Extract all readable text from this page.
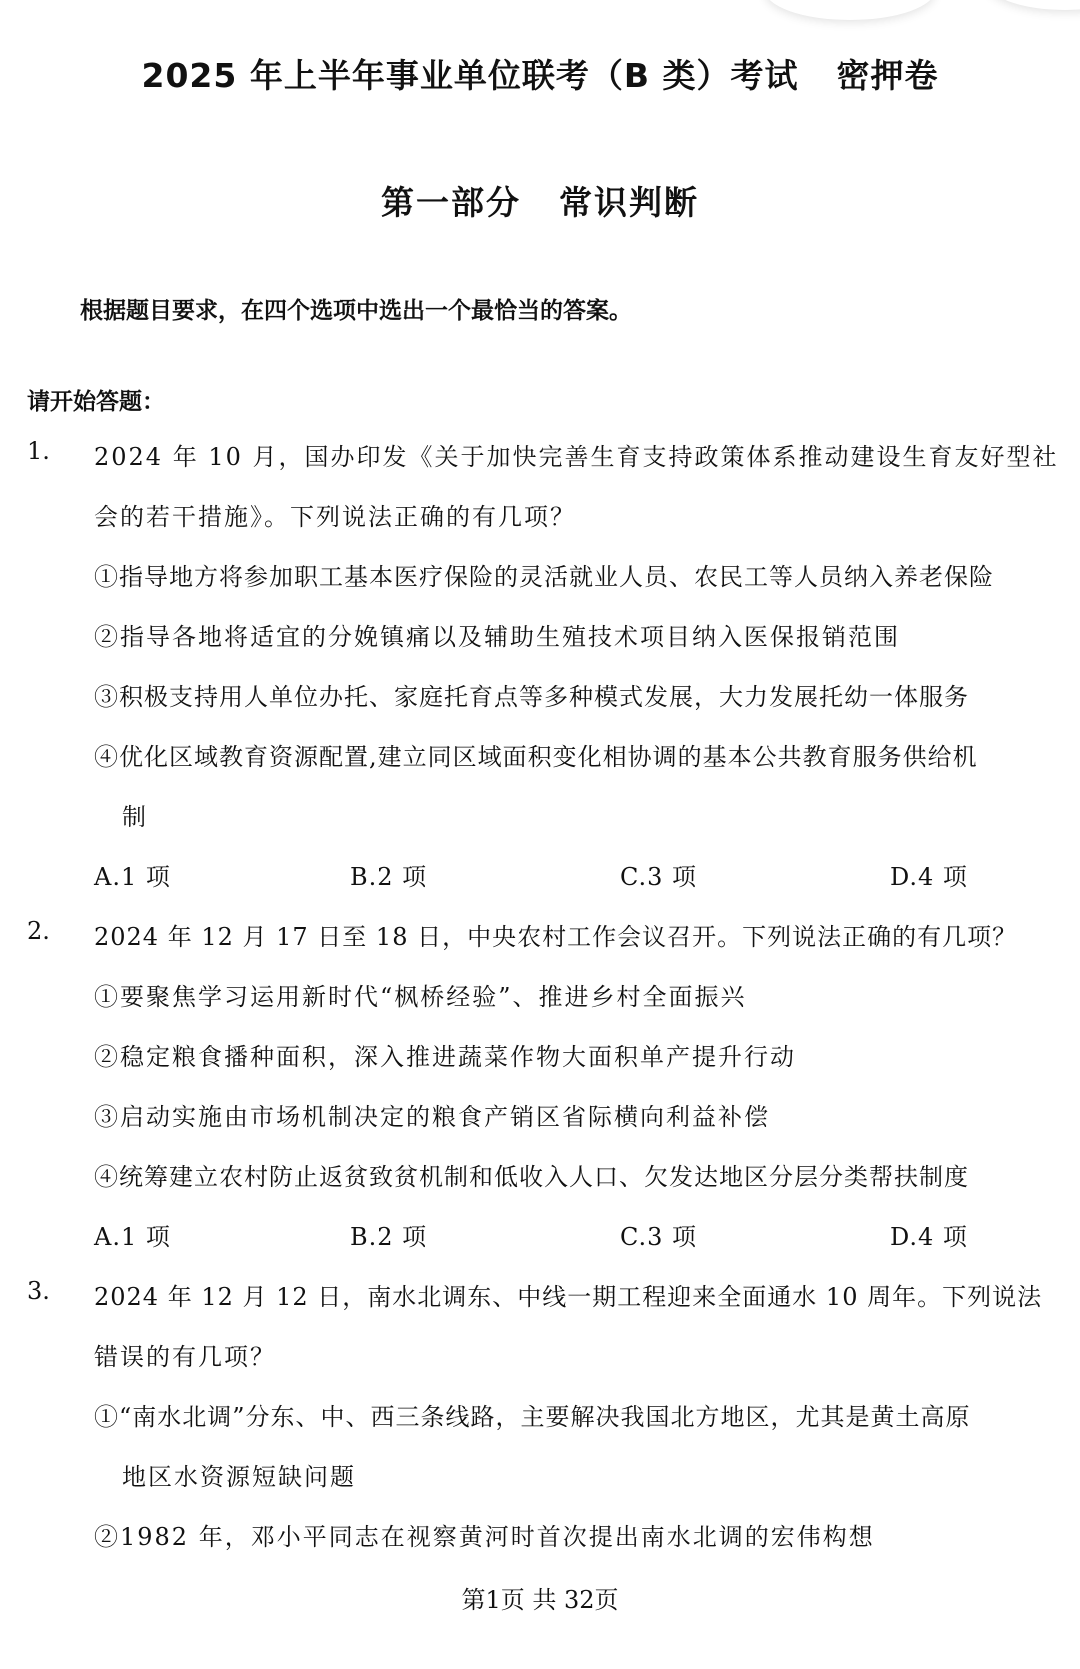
2025 年上半年事业单位联考（B 类）考试 密押卷
第一部分 常识判断
根据题目要求，在四个选项中选出一个最恰当的答案。
请开始答题：
1. 2024 年 10 月，国办印发《关于加快完善生育支持政策体系推动建设生育友好型社
会的若干措施》。下列说法正确的有几项？
①指导地方将参加职工基本医疗保险的灵活就业人员、农民工等人员纳入养老保险
②指导各地将适宜的分娩镇痛以及辅助生殖技术项目纳入医保报销范围
③积极支持用人单位办托、家庭托育点等多种模式发展，大力发展托幼一体服务
④优化区域教育资源配置,建立同区域面积变化相协调的基本公共教育服务供给机
制
A.1 项	B.2 项	C.3 项	D.4 项
2. 2024 年 12 月 17 日至 18 日，中央农村工作会议召开。下列说法正确的有几项？
①要聚焦学习运用新时代“枫桥经验”、推进乡村全面振兴
②稳定粮食播种面积，深入推进蔬菜作物大面积单产提升行动
③启动实施由市场机制决定的粮食产销区省际横向利益补偿
④统筹建立农村防止返贫致贫机制和低收入人口、欠发达地区分层分类帮扶制度
A.1 项	B.2 项	C.3 项	D.4 项
3. 2024 年 12 月 12 日，南水北调东、中线一期工程迎来全面通水 10 周年。下列说法
错误的有几项？
①“南水北调”分东、中、西三条线路，主要解决我国北方地区，尤其是黄土高原
地区水资源短缺问题
②1982 年，邓小平同志在视察黄河时首次提出南水北调的宏伟构想
第1页 共 32页
